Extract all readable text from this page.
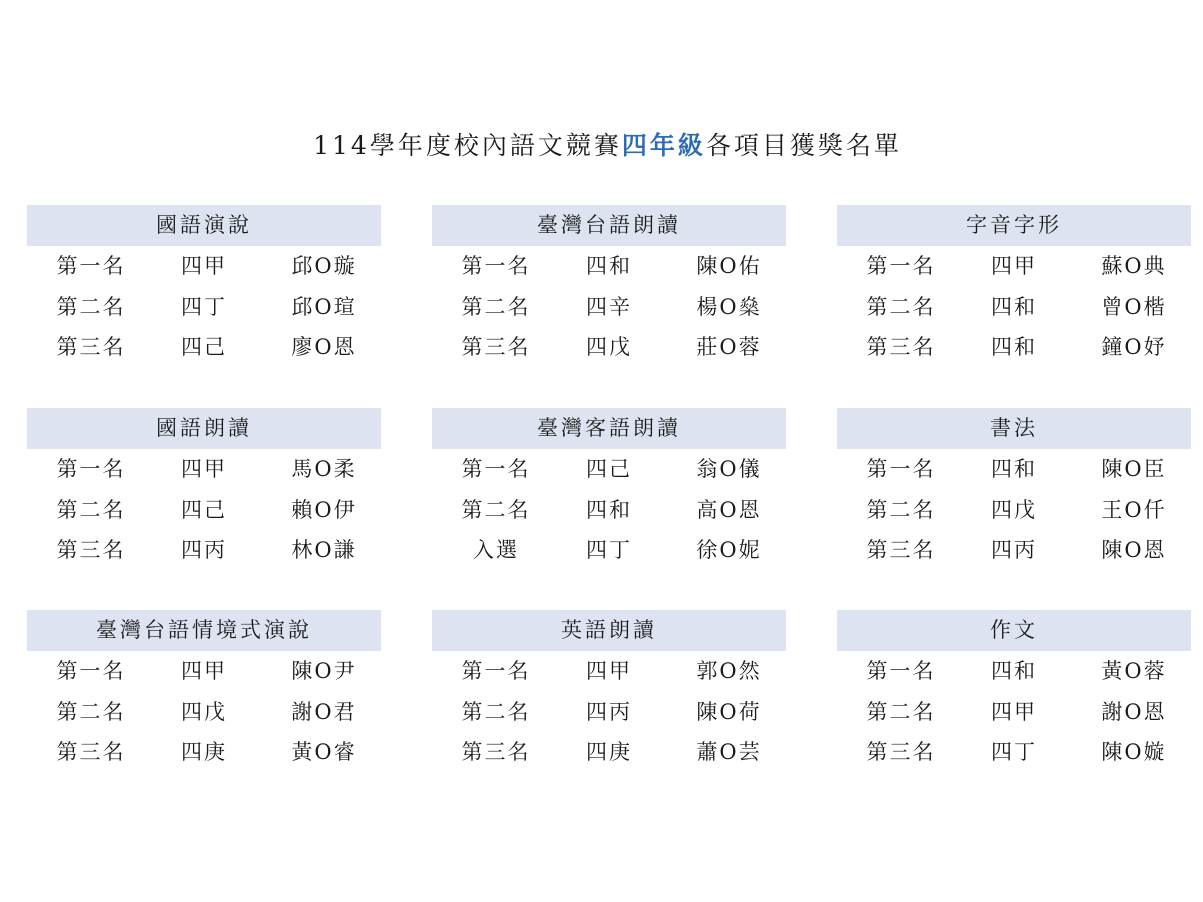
114學年度校內語文競賽四年級各項目獲獎名單
國語演說
第一名	四甲	邱O璇
第二名	四丁	邱O瑄
第三名	四己	廖O恩
臺灣台語朗讀
第一名	四和	陳O佑
第二名	四辛	楊O燊
第三名	四戊	莊O蓉
字音字形
第一名	四甲	蘇O典
第二名	四和	曾O楷
第三名	四和	鐘O妤
國語朗讀
第一名	四甲	馬O柔
第二名	四己	賴O伊
第三名	四丙	林O謙
臺灣客語朗讀
第一名	四己	翁O儀
第二名	四和	高O恩
入選	四丁	徐O妮
書法
第一名	四和	陳O臣
第二名	四戊	王O仟
第三名	四丙	陳O恩
臺灣台語情境式演說
第一名	四甲	陳O尹
第二名	四戊	謝O君
第三名	四庚	黃O睿
英語朗讀
第一名	四甲	郭O然
第二名	四丙	陳O荷
第三名	四庚	蕭O芸
作文
第一名	四和	黃O蓉
第二名	四甲	謝O恩
第三名	四丁	陳O嫙
